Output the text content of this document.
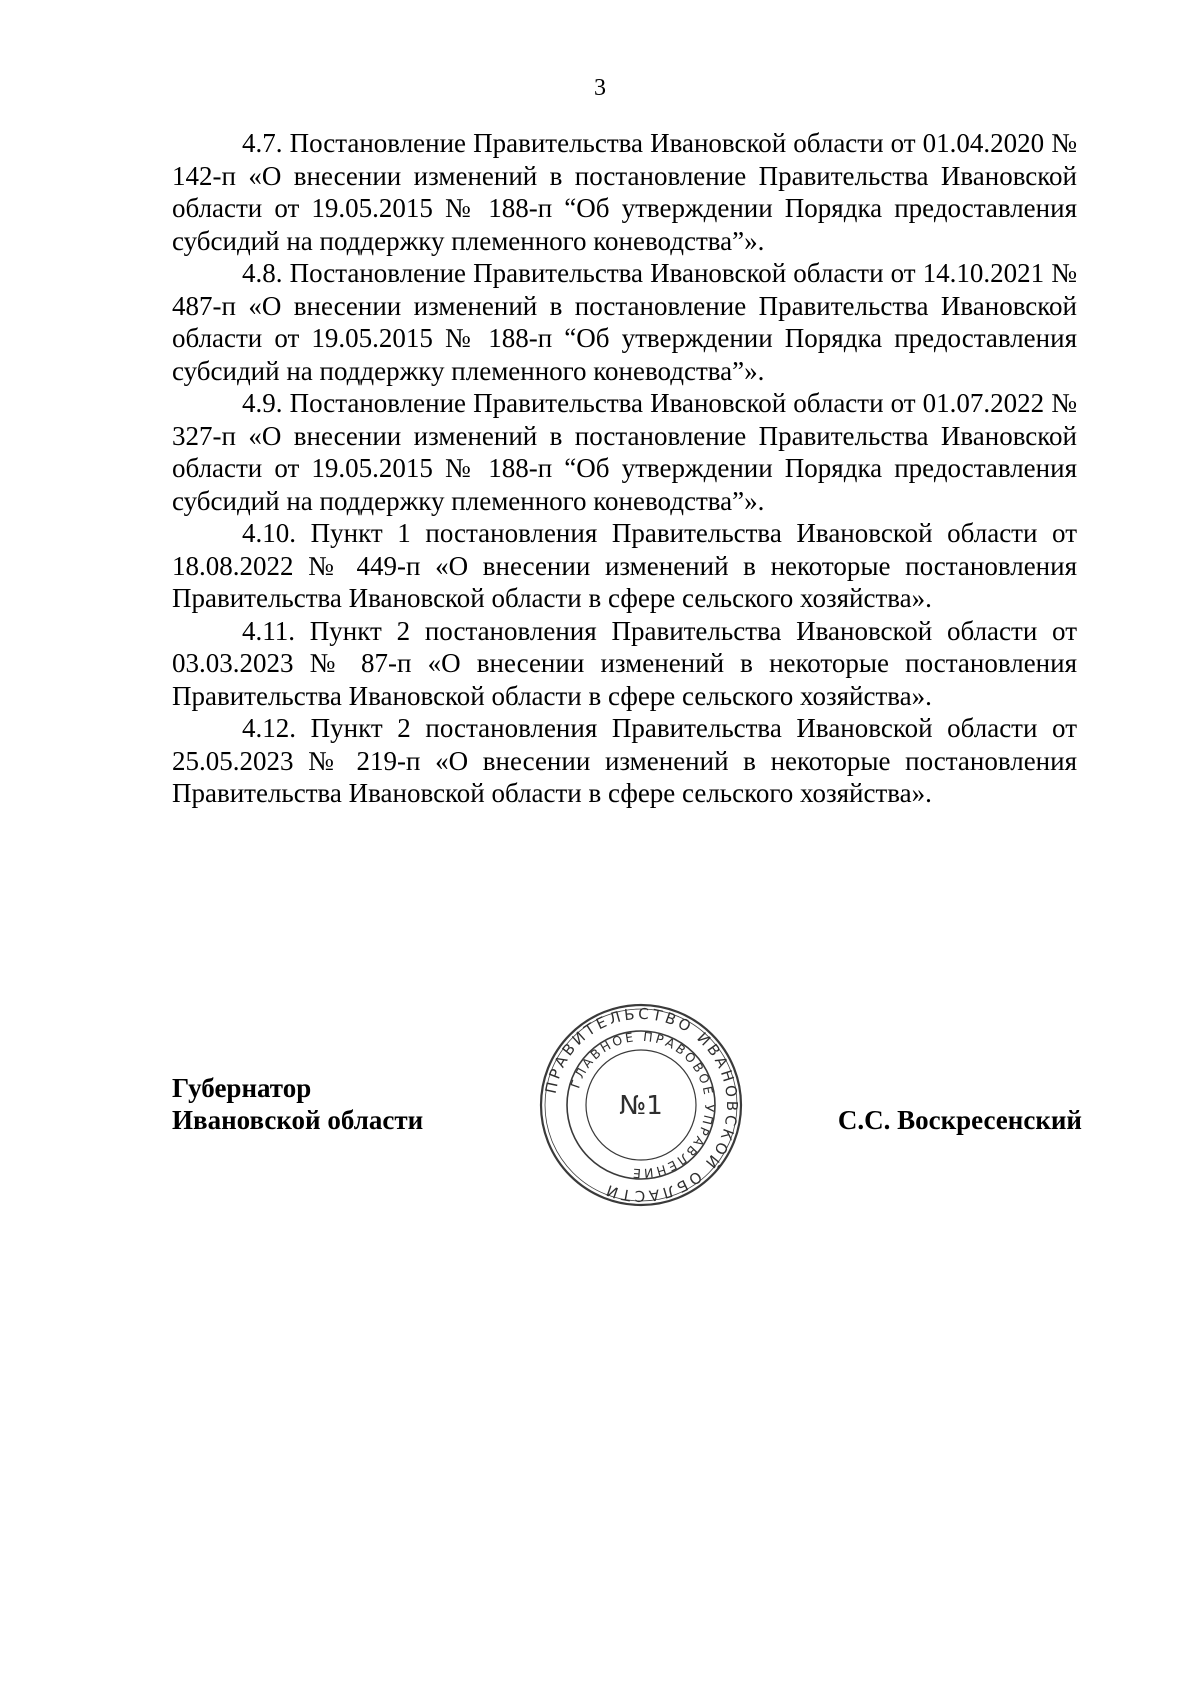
3

4.7. Постановление Правительства Ивановской области от 01.04.2020 № 142-п «О внесении изменений в постановление Правительства Ивановской области от 19.05.2015 № 188-п “Об утверждении Порядка предоставления субсидий на поддержку племенного коневодства”».

4.8. Постановление Правительства Ивановской области от 14.10.2021 № 487-п «О внесении изменений в постановление Правительства Ивановской области от 19.05.2015 № 188-п “Об утверждении Порядка предоставления субсидий на поддержку племенного коневодства”».

4.9. Постановление Правительства Ивановской области от 01.07.2022 № 327-п «О внесении изменений в постановление Правительства Ивановской области от 19.05.2015 № 188-п “Об утверждении Порядка предоставления субсидий на поддержку племенного коневодства”».

4.10. Пункт 1 постановления Правительства Ивановской области от 18.08.2022 № 449-п «О внесении изменений в некоторые постановления Правительства Ивановской области в сфере сельского хозяйства».

4.11. Пункт 2 постановления Правительства Ивановской области от 03.03.2023 № 87-п «О внесении изменений в некоторые постановления Правительства Ивановской области в сфере сельского хозяйства».

4.12. Пункт 2 постановления Правительства Ивановской области от 25.05.2023 № 219-п «О внесении изменений в некоторые постановления Правительства Ивановской области в сфере сельского хозяйства».

Губернатор
Ивановской области	С.С. Воскресенский
ПРАВИТЕЛЬСТВО ИВАНОВСКОЙ ОБЛАСТИ
ГЛАВНОЕ ПРАВОВОЕ УПРАВЛЕНИЕ
№1
